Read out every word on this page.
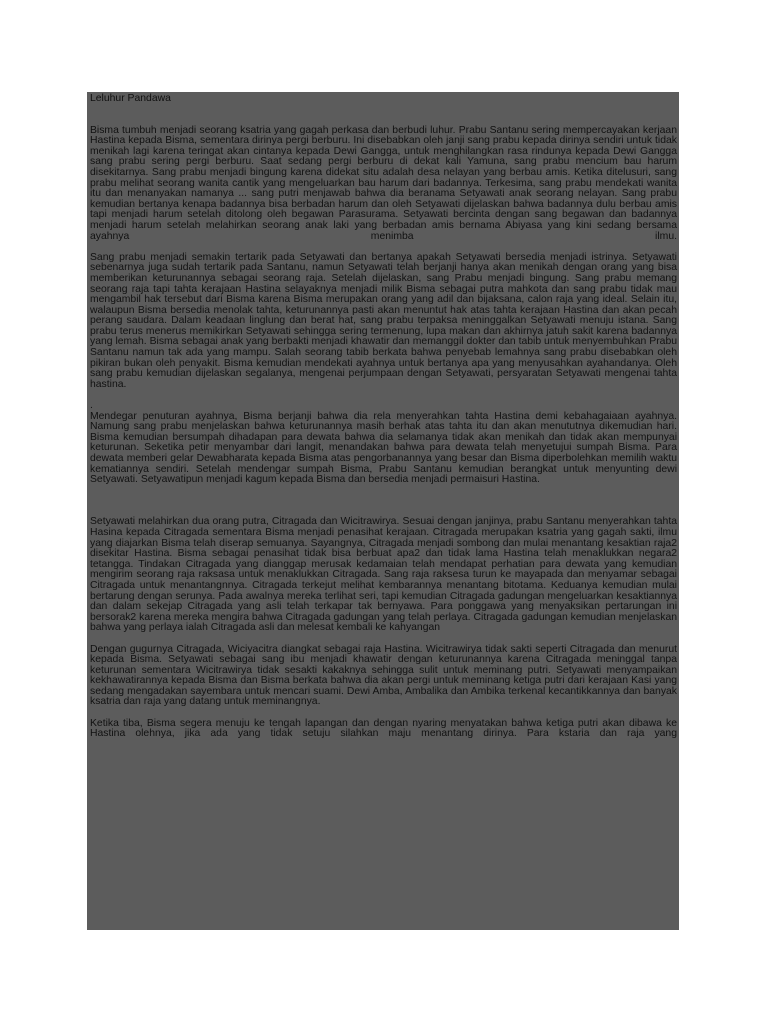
Leluhur Pandawa

Bisma tumbuh menjadi seorang ksatria yang gagah perkasa dan berbudi luhur. Prabu Santanu sering mempercayakan kerjaan Hastina kepada Bisma, sementara dirinya pergi berburu. Ini disebabkan oleh janji sang prabu kepada dirinya sendiri untuk tidak menikah lagi karena teringat akan cintanya kepada Dewi Gangga, untuk menghilangkan rasa rindunya kepada Dewi Gangga sang prabu sering pergi berburu. Saat sedang pergi berburu di dekat kali Yamuna, sang prabu mencium bau harum disekitarnya. Sang prabu menjadi bingung karena didekat situ adalah desa nelayan yang berbau amis. Ketika ditelusuri, sang prabu melihat seorang wanita cantik yang mengeluarkan bau harum dari badannya. Terkesima, sang prabu mendekati wanita itu dan menanyakan namanya ... sang putri menjawab bahwa dia beranama Setyawati anak seorang nelayan. Sang prabu kemudian bertanya kenapa badannya bisa berbadan harum dan oleh Setyawati dijelaskan bahwa badannya dulu berbau amis tapi menjadi harum setelah ditolong oleh begawan Parasurama. Setyawati bercinta dengan sang begawan dan badannya menjadi harum setelah melahirkan seorang anak laki yang berbadan amis bernama Abiyasa yang kini sedang bersama ayahnya menimba ilmu.

Sang prabu menjadi semakin tertarik pada Setyawati dan bertanya apakah Setyawati bersedia menjadi istrinya. Setyawati sebenarnya juga sudah tertarik pada Santanu, namun Setyawati telah berjanji hanya akan menikah dengan orang yang bisa memberikan keturunannya sebagai seorang raja. Setelah dijelaskan, sang Prabu menjadi bingung. Sang prabu memang seorang raja tapi tahta kerajaan Hastina selayaknya menjadi milik Bisma sebagai putra mahkota dan sang prabu tidak mau mengambil hak tersebut dari Bisma karena Bisma merupakan orang yang adil dan bijaksana, calon raja yang ideal. Selain itu, walaupun Bisma bersedia menolak tahta, keturunannya pasti akan menuntut hak atas tahta kerajaan Hastina dan akan pecah perang saudara. Dalam keadaan linglung dan berat hat, sang prabu terpaksa meninggalkan Setyawati menuju istana. Sang prabu terus menerus memikirkan Setyawati sehingga sering termenung, lupa makan dan akhirnya jatuh sakit karena badannya yang lemah. Bisma sebagai anak yang berbakti menjadi khawatir dan memanggil dokter dan tabib untuk menyembuhkan Prabu Santanu namun tak ada yang mampu. Salah seorang tabib berkata bahwa penyebab lemahnya sang prabu disebabkan oleh pikiran bukan oleh penyakit. Bisma kemudian mendekati ayahnya untuk bertanya apa yang menyusahkan ayahandanya. Oleh sang prabu kemudian dijelaskan segalanya, mengenai perjumpaan dengan Setyawati, persyaratan Setyawati mengenai tahta hastina.

.

Mendegar penuturan ayahnya, Bisma berjanji bahwa dia rela menyerahkan tahta Hastina demi kebahagaiaan ayahnya. Namung sang prabu menjelaskan bahwa keturunannya masih berhak atas tahta itu dan akan menututnya dikemudian hari. Bisma kemudian bersumpah dihadapan para dewata bahwa dia selamanya tidak akan menikah dan tidak akan mempunyai keturunan. Seketika petir menyambar dari langit, menandakan bahwa para dewata telah menyetujui sumpah Bisma. Para dewata memberi gelar Dewabharata kepada Bisma atas pengorbanannya yang besar dan Bisma diperbolehkan memilih waktu kematiannya sendiri. Setelah mendengar sumpah Bisma, Prabu Santanu kemudian berangkat untuk menyunting dewi Setyawati. Setyawatipun menjadi kagum kepada Bisma dan bersedia menjadi permaisuri Hastina.

Setyawati melahirkan dua orang putra, Citragada dan Wicitrawirya. Sesuai dengan janjinya, prabu Santanu menyerahkan tahta Hasina kepada Citragada sementara Bisma menjadi penasihat kerajaan. Citragada merupakan ksatria yang gagah sakti, ilmu yang diajarkan Bisma telah diserap semuanya. Sayangnya, Citragada menjadi sombong dan mulai menantang kesaktian raja2 disekitar Hastina. Bisma sebagai penasihat tidak bisa berbuat apa2 dan tidak lama Hastina telah menaklukkan negara2 tetangga. Tindakan Citragada yang dianggap merusak kedamaian telah mendapat perhatian para dewata yang kemudian mengirim seorang raja raksasa untuk menaklukkan Citragada. Sang raja raksesa turun ke mayapada dan menyamar sebagai Citragada untuk menantangnnya. Citragada terkejut melihat kembarannya menantang bitotama. Keduanya kemudian mulai bertarung dengan serunya. Pada awalnya mereka terlihat seri, tapi kemudian Citragada gadungan mengeluarkan kesaktiannya dan dalam sekejap Citragada yang asli telah terkapar tak bernyawa. Para ponggawa yang menyaksikan pertarungan ini bersorak2 karena mereka mengira bahwa Citragada gadungan yang telah perlaya. Citragada gadungan kemudian menjelaskan bahwa yang perlaya ialah Citragada asli dan melesat kembali ke kahyangan

Dengan gugurnya Citragada, Wiciyacitra diangkat sebagai raja Hastina. Wicitrawirya tidak sakti seperti Citragada dan menurut kepada Bisma. Setyawati sebagai sang ibu menjadi khawatir dengan keturunannya karena Citragada meninggal tanpa keturunan sementara Wicitrawirya tidak sesakti kakaknya sehingga sulit untuk meminang putri. Setyawati menyampaikan kekhawatirannya kepada Bisma dan Bisma berkata bahwa dia akan pergi untuk meminang ketiga putri dari kerajaan Kasi yang sedang mengadakan sayembara untuk mencari suami. Dewi Amba, Ambalika dan Ambika terkenal kecantikkannya dan banyak ksatria dan raja yang datang untuk meminangnya.

Ketika tiba, Bisma segera menuju ke tengah lapangan dan dengan nyaring menyatakan bahwa ketiga putri akan dibawa ke Hastina olehnya, jika ada yang tidak setuju silahkan maju menantang dirinya. Para kstaria dan raja yang
